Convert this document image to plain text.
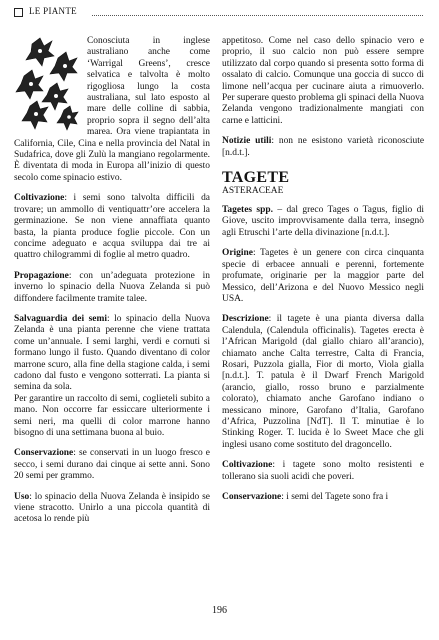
LE PIANTE

Conosciuta in inglese australiano anche come ‘Warrigal Greens’, cresce selvatica e talvolta è molto rigogliosa lungo la costa australiana, sul lato esposto al mare delle colline di sabbia, proprio sopra il segno dell’alta marea. Ora viene trapiantata in California, Cile, Cina e nella provincia del Natal in Sudafrica, dove gli Zulù la mangiano regolarmente. È diventata di moda in Europa all’inizio di questo secolo come spinacio estivo.

Coltivazione: i semi sono talvolta difficili da trovare; un ammollo di ventiquattr’ore accelera la germinazione. Se non viene annaffiata quanto basta, la pianta produce foglie piccole. Con un concime adeguato e acqua sviluppa dai tre ai quattro chilogrammi di foglie al metro quadro.

Propagazione: con un’adeguata protezione in inverno lo spinacio della Nuova Zelanda si può diffondere facilmente tramite talee.

Salvaguardia dei semi: lo spinacio della Nuova Zelanda è una pianta perenne che viene trattata come un’annuale. I semi larghi, verdi e cornuti si formano lungo il fusto. Quando diventano di color marrone scuro, alla fine della stagione calda, i semi cadono dal fusto e vengono sotterrati. La pianta si semina da sola.

Per garantire un raccolto di semi, coglieteli subito a mano. Non occorre far essiccare ulteriormente i semi neri, ma quelli di color marrone hanno bisogno di una settimana buona al buio.

Conservazione: se conservati in un luogo fresco e secco, i semi durano dai cinque ai sette anni. Sono 20 semi per grammo.

Uso: lo spinacio della Nuova Zelanda è insipido se viene stracotto. Unirlo a una piccola quantità di acetosa lo rende più

appetitoso. Come nel caso dello spinacio vero e proprio, il suo calcio non può essere sempre utilizzato dal corpo quando si presenta sotto forma di ossalato di calcio. Comunque una goccia di succo di limone nell’acqua per cucinare aiuta a rimuoverlo. Per superare questo problema gli spinaci della Nuova Zelanda vengono tradizionalmente mangiati con carne e latticini.

Notizie utili: non ne esistono varietà riconosciute [n.d.t.].

TAGETE
ASTERACEAE

Tagetes spp. – dal greco Tages o Tagus, figlio di Giove, uscito improvvisamente dalla terra, insegnò agli Etruschi l’arte della divinazione [n.d.t.].

Origine: Tagetes è un genere con circa cinquanta specie di erbacee annuali e perenni, fortemente profumate, originarie per la maggior parte del Messico, dell’Arizona e del Nuovo Messico negli USA.

Descrizione: il tagete è una pianta diversa dalla Calendula, (Calendula officinalis). Tagetes erecta è l’African Marigold (dal giallo chiaro all’arancio), chiamato anche Calta terrestre, Calta di Francia, Rosari, Puzzola gialla, Fior di morto, Viola gialla [n.d.t.]. T. patula è il Dwarf French Marigold (arancio, giallo, rosso bruno e parzialmente colorato), chiamato anche Garofano indiano o messicano minore, Garofano d’Italia, Garofano d’Africa, Puzzolina [NdT]. Il T. minutiae è lo Stinking Roger. T. lucida è lo Sweet Mace che gli inglesi usano come sostituto del dragoncello.

Coltivazione: i tagete sono molto resistenti e tollerano sia suoli acidi che poveri.

Conservazione: i semi del Tagete sono fra i

196
